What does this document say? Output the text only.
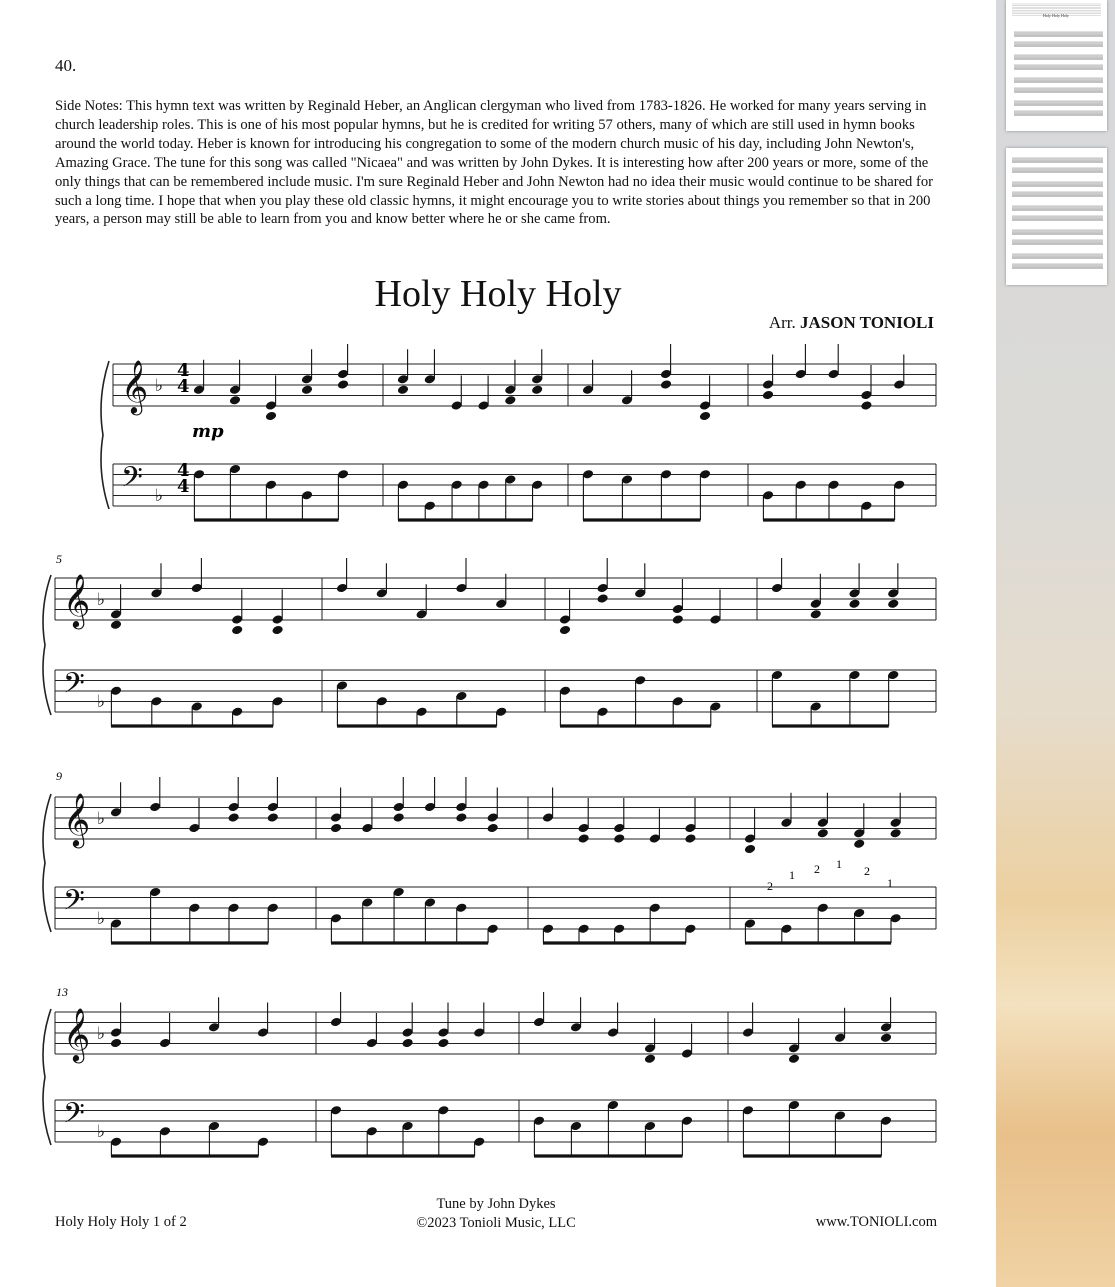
40.
Side Notes: This hymn text was written by Reginald Heber, an Anglican clergyman who lived from 1783-1826. He worked for many years serving in church leadership roles. This is one of his most popular hymns, but he is credited for writing 57 others, many of which are still used in hymn books around the world today. Heber is known for introducing his congregation to some of the modern church music of his day, including John Newton's, Amazing Grace. The tune for this song was called "Nicaea" and was written by John Dykes. It is interesting how after 200 years or more, some of the only things that can be remembered include music. I'm sure Reginald Heber and John Newton had no idea their music would continue to be shared for such a long time. I hope that when you play these old classic hymns, it might encourage you to write stories about things you remember so that in 200 years, a person may still be able to learn from you and know better where he or she came from.
Holy Holy Holy
Arr. JASON TONIOLI
𝄞
𝄢
♭
♭
𝄞
𝄢
♭
♭
𝄞
𝄢
♭
♭
𝄞
𝄢
♭
♭
4
4
4
4
mp
5
9
13
2
1 2 1 2
1
Holy Holy Holy 1 of 2
Tune by John Dykes
©2023 Tonioli Music, LLC	www.TONIOLI.com
Holy Holy Holy
